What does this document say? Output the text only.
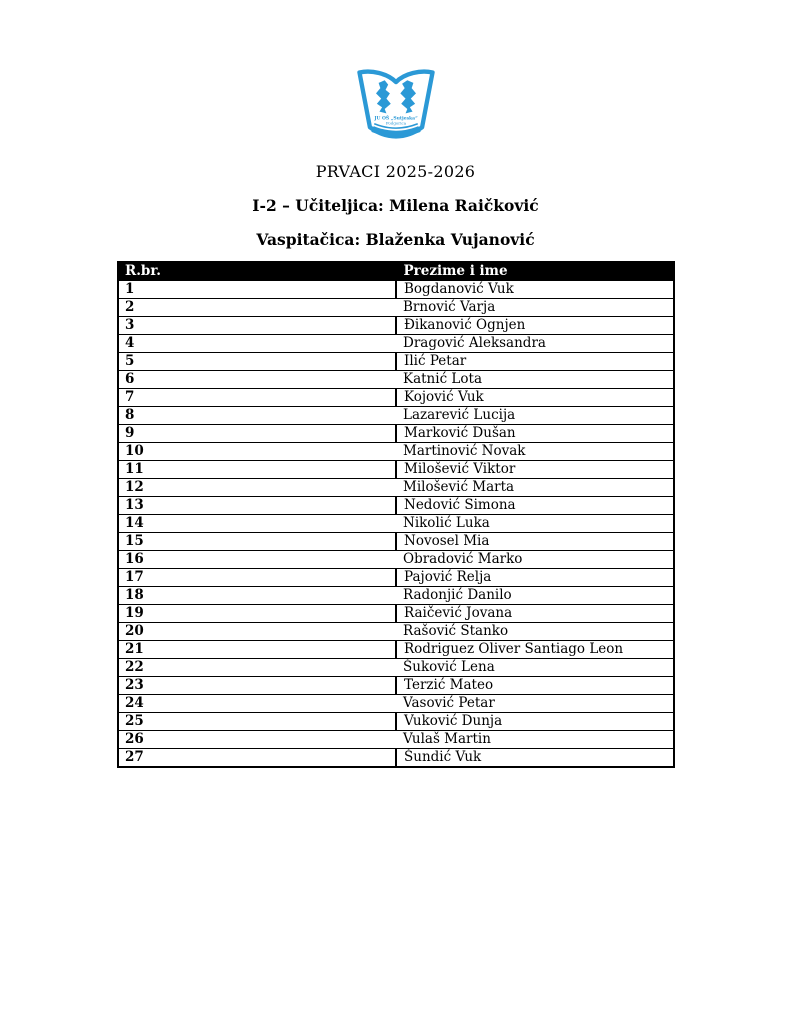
JU OŠ „Sutjeska“
Podgorica
PRVACI 2025-2026
I-2 – Učiteljica: Milena Raičković
Vaspitačica: Blaženka Vujanović
R.br.	Prezime i ime
1	Bogdanović Vuk
2	Brnović Varja
3	Đikanović Ognjen
4	Dragović Aleksandra
5	Ilić Petar
6	Katnić Lota
7	Kojović Vuk
8	Lazarević Lucija
9	Marković Dušan
10	Martinović Novak
11	Milošević Viktor
12	Milošević Marta
13	Nedović Simona
14	Nikolić Luka
15	Novosel Mia
16	Obradović Marko
17	Pajović Relja
18	Radonjić Danilo
19	Raičević Jovana
20	Rašović Stanko
21	Rodriguez Oliver Santiago Leon
22	Šuković Lena
23	Terzić Mateo
24	Vasović Petar
25	Vuković Dunja
26	Vulaš Martin
27	Šundić Vuk
